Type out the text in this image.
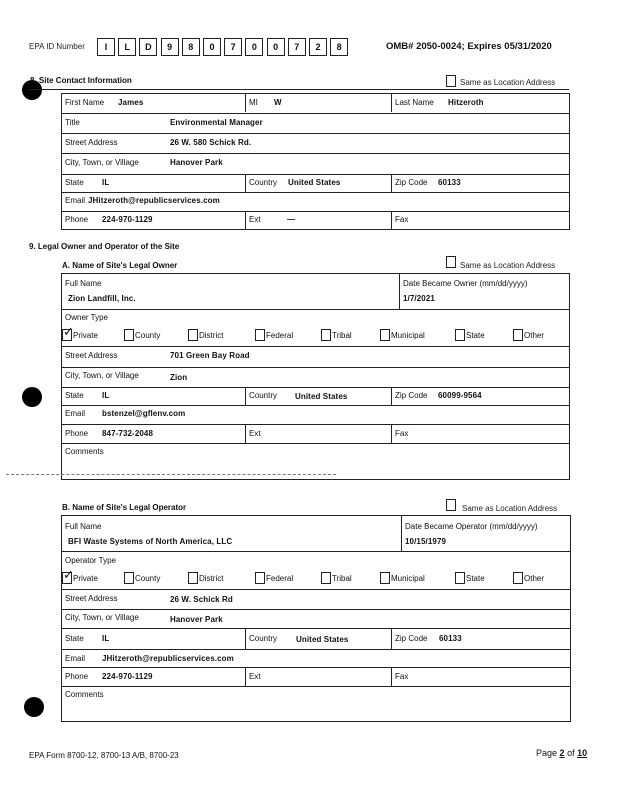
EPA ID Number	I	L	D	9	8	0	7	0	0	7	2	8	OMB# 2050-0024; Expires 05/31/2020
8. Site Contact Information	Same as Location Address
First Name James	MI W	Last Name Hitzeroth
Title	Environmental Manager
Street Address	26 W. 580 Schick Rd.
City, Town, or Village	Hanover Park
State IL	Country United States	Zip Code 60133
Email JHitzeroth@republicservices.com
Phone 224-970-1129	Ext	—	Fax
9. Legal Owner and Operator of the Site
A. Name of Site's Legal Owner	Same as Location Address
Full Name
Zion Landfill, Inc.
Date Became Owner (mm/dd/yyyy)
1/7/2021
Owner Type
✓ Private	County	District	Federal	Tribal	Municipal	State	Other
Street Address	701 Green Bay Road
City, Town, or Village	Zion
State IL	Country United States	Zip Code 60099-9564
Email bstenzel@gflenv.com
Phone 847-732-2048	Ext	Fax
Comments
B. Name of Site's Legal Operator	Same as Location Address
Full Name
BFI Waste Systems of North America, LLC
Date Became Operator (mm/dd/yyyy)
10/15/1979
Operator Type
✓ Private	County	District	Federal	Tribal	Municipal	State	Other
Street Address	26 W. Schick Rd
City, Town, or Village	Hanover Park
State IL	Country United States	Zip Code 60133
Email JHitzeroth@republicservices.com
Phone 224-970-1129	Ext	Fax
Comments
EPA Form 8700-12, 8700-13 A/B, 8700-23	Page 2 of 10
